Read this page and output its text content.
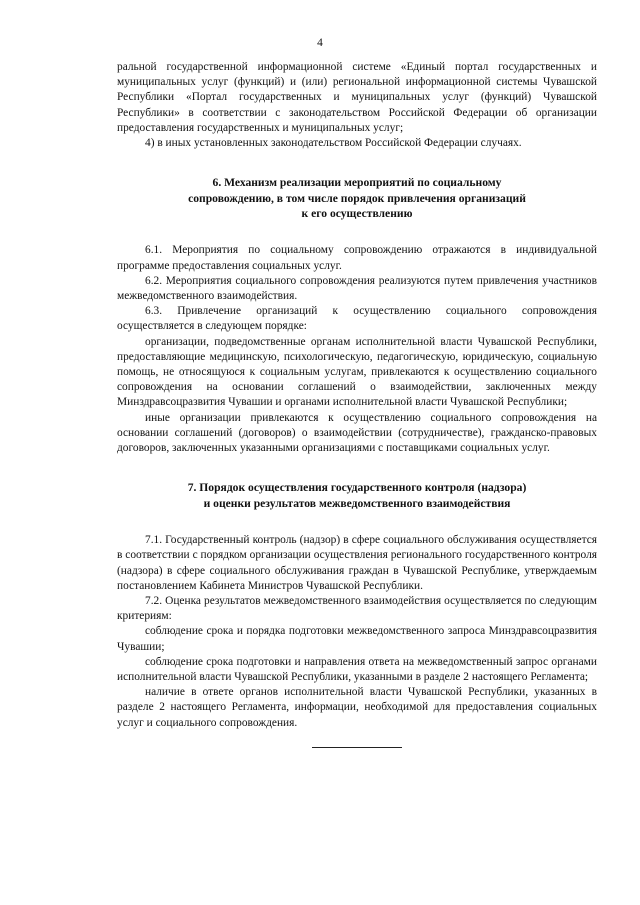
4

ральной государственной информационной системе «Единый портал государственных и муниципальных услуг (функций) и (или) региональной информационной системы Чувашской Республики «Портал государственных и муниципальных услуг (функций) Чувашской Республики» в соответствии с законодательством Российской Федерации об организации предоставления государственных и муниципальных услуг;

4) в иных установленных законодательством Российской Федерации случаях.

6. Механизм реализации мероприятий по социальному
сопровождению, в том числе порядок привлечения организаций
к его осуществлению

6.1. Мероприятия по социальному сопровождению отражаются в индивидуальной программе предоставления социальных услуг.

6.2. Мероприятия социального сопровождения реализуются путем привлечения участников межведомственного взаимодействия.

6.3. Привлечение организаций к осуществлению социального сопровождения осуществляется в следующем порядке:

организации, подведомственные органам исполнительной власти Чувашской Республики, предоставляющие медицинскую, психологическую, педагогическую, юридическую, социальную помощь, не относящуюся к социальным услугам, привлекаются к осуществлению социального сопровождения на основании соглашений о взаимодействии, заключенных между Минздравсоцразвития Чувашии и органами исполнительной власти Чувашской Республики;

иные организации привлекаются к осуществлению социального сопровождения на основании соглашений (договоров) о взаимодействии (сотрудничестве), гражданско-правовых договоров, заключенных указанными организациями с поставщиками социальных услуг.

7. Порядок осуществления государственного контроля (надзора)
и оценки результатов межведомственного взаимодействия

7.1. Государственный контроль (надзор) в сфере социального обслуживания осуществляется в соответствии с порядком организации осуществления регионального государственного контроля (надзора) в сфере социального обслуживания граждан в Чувашской Республике, утверждаемым постановлением Кабинета Министров Чувашской Республики.

7.2. Оценка результатов межведомственного взаимодействия осуществляется по следующим критериям:

соблюдение срока и порядка подготовки межведомственного запроса Минздравсоцразвития Чувашии;

соблюдение срока подготовки и направления ответа на межведомственный запрос органами исполнительной власти Чувашской Республики, указанными в разделе 2 настоящего Регламента;

наличие в ответе органов исполнительной власти Чувашской Республики, указанных в разделе 2 настоящего Регламента, информации, необходимой для предоставления социальных услуг и социального сопровождения.
